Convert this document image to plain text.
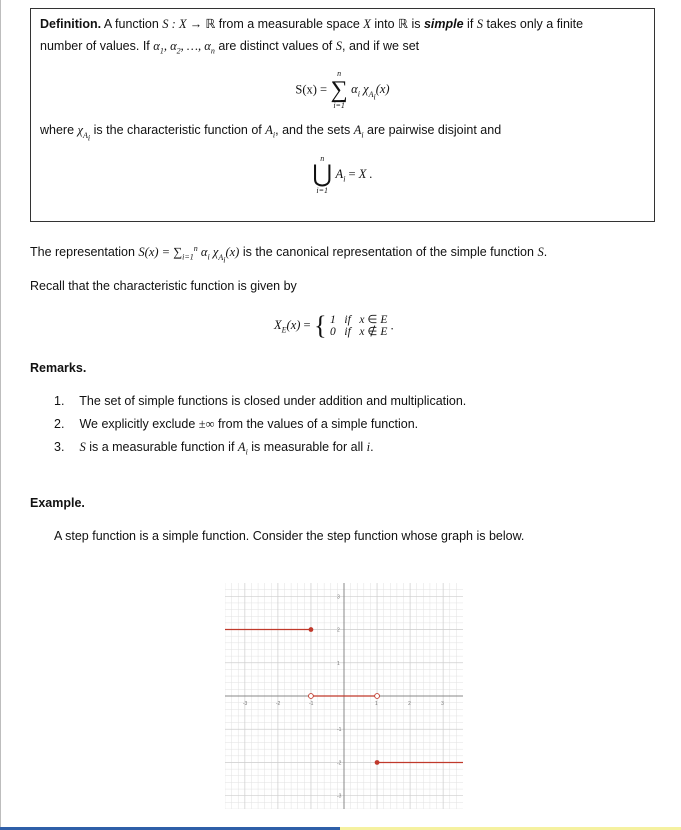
Definition. A function S : X → ℝ from a measurable space X into ℝ is simple if S takes only a finite
number of values. If $\alpha_1$, $\alpha_2$, …, $\alpha_n$ are distinct values of S, and if we set
S(x) =
n
∑
i=1
$\alpha_i$ $\chi_{A_i}(x)$
where $\chi_{A_i}$ is the characteristic function of $A_i$, and the sets $A_i$ are pairwise disjoint and
n
⋃
i=1
$A_i = X$ .
The representation $S(x) = \sum_{i=1}^n$ $\alpha_i$ $\chi_{A_i}(x)$ is the canonical representation of the simple function S.
Recall that the characteristic function is given by
$X_E(x)$ = { 1   if   x ∈ E
0   if   x ∉ E .
Remarks.
1. The set of simple functions is closed under addition and multiplication.
2. We explicitly exclude ±∞ from the values of a simple function.
3. S is a measurable function if $A_i$ is measurable for all i.
Example.
A step function is a simple function. Consider the step function whose graph is below.
-3	-2	-1	1	2	3
3
2
1
-1
-2
-3
